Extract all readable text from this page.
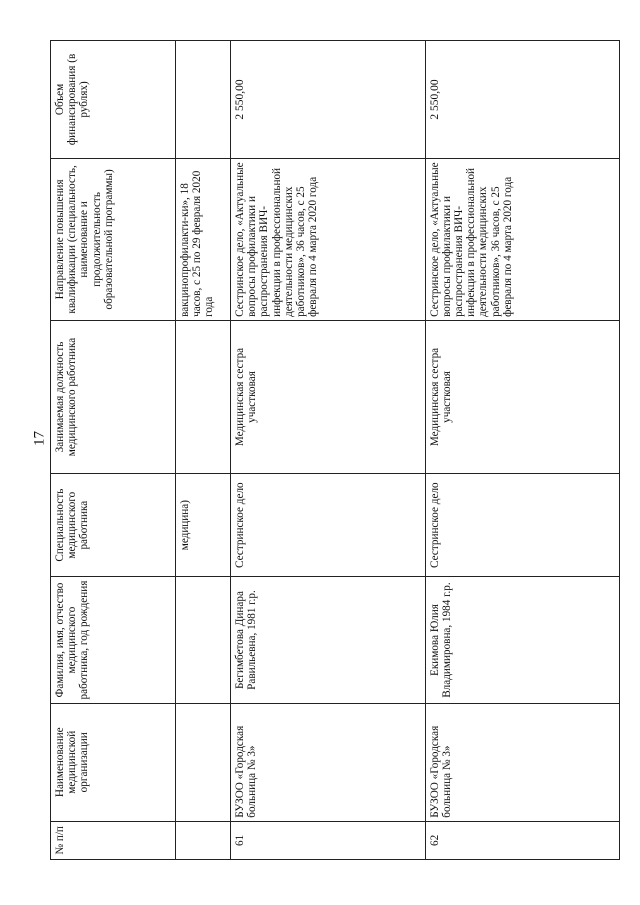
17
№ п/п	Наименование медицинской организации	Фамилия, имя, отчество медицинского работника, год рождения	Специальность медицинского работника	Занимаемая должность медицинского работника	Направление повышения квалификации (специальность, наименование и продолжительность образовательной программы)	Объем финансирования (в рублях)
			медицина)		вакцинопрофилакти-ки», 18 часов, с 25 по 29 февраля 2020 года	
61	БУЗОО «Городская больница № 3»	Бегимбетова Динара Равильевна, 1981 г.р.	Сестринское дело	Медицинская сестра участковая	Сестринское дело, «Актуальные вопросы профилактики и распространения ВИЧ-инфекции в профессиональной деятельности медицинских работников», 36 часов, с 25 февраля по 4 марта 2020 года	2 550,00
62	БУЗОО «Городская больница № 3»	Екимова Юлия Владимировна, 1984 г.р.	Сестринское дело	Медицинская сестра участковая	Сестринское дело, «Актуальные вопросы профилактики и распространения ВИЧ-инфекции в профессиональной деятельности медицинских работников», 36 часов, с 25 февраля по 4 марта 2020 года	2 550,00
